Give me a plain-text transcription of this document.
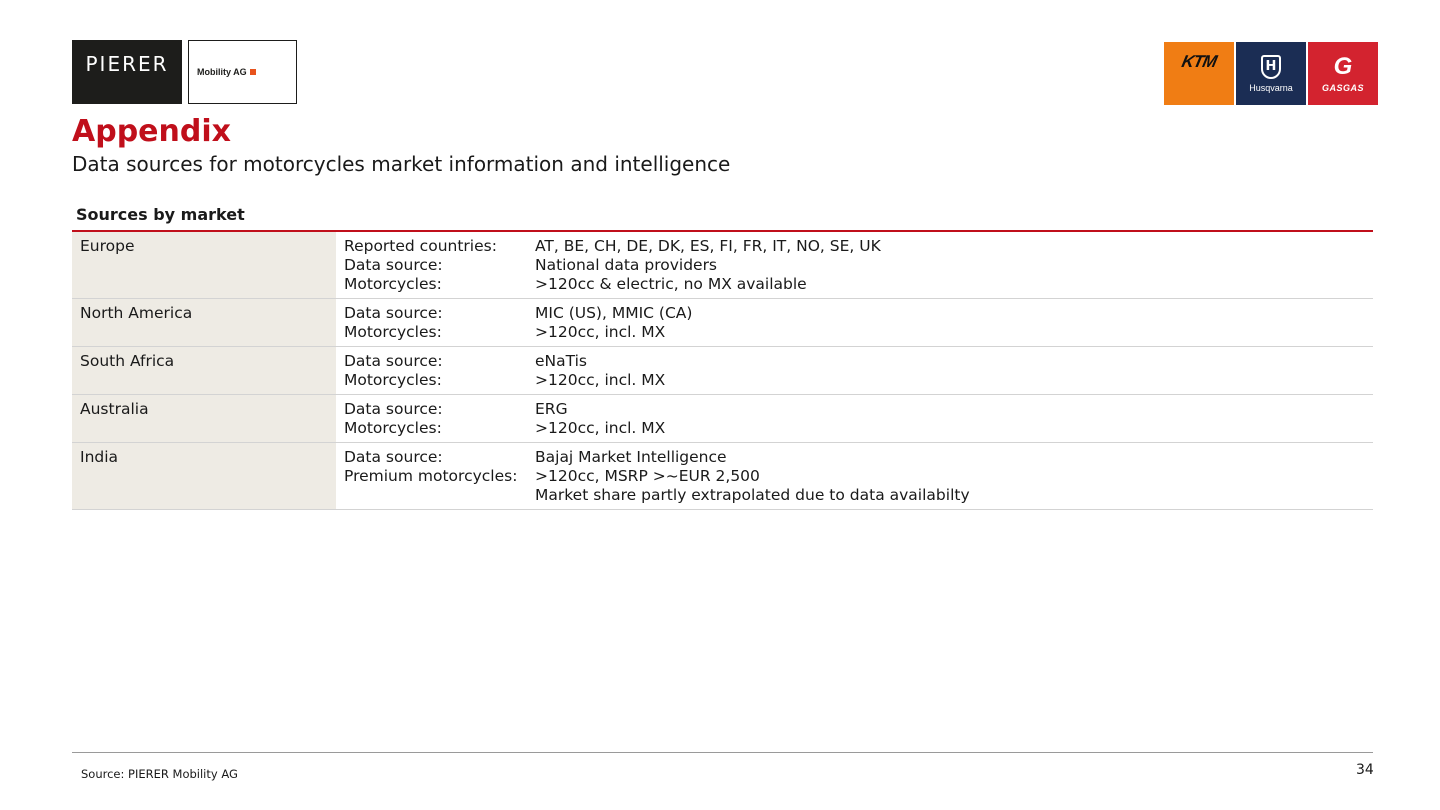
PIERER	Mobility AG
KTM	H
Husqvarna
G
GASGAS
Appendix
Data sources for motorcycles market information and intelligence
Sources by market
Europe	Reported countries:	AT, BE, CH, DE, DK, ES, FI, FR, IT, NO, SE, UK
Data source:	National data providers
Motorcycles:	>120cc & electric, no MX available
North America	Data source:	MIC (US), MMIC (CA)
Motorcycles:	>120cc, incl. MX
South Africa	Data source:	eNaTis
Motorcycles:	>120cc, incl. MX
Australia	Data source:	ERG
Motorcycles:	>120cc, incl. MX
India	Data source:	Bajaj Market Intelligence
Premium motorcycles:	>120cc, MSRP >~EUR 2,500
Market share partly extrapolated due to data availabilty
Source: PIERER Mobility AG	34
